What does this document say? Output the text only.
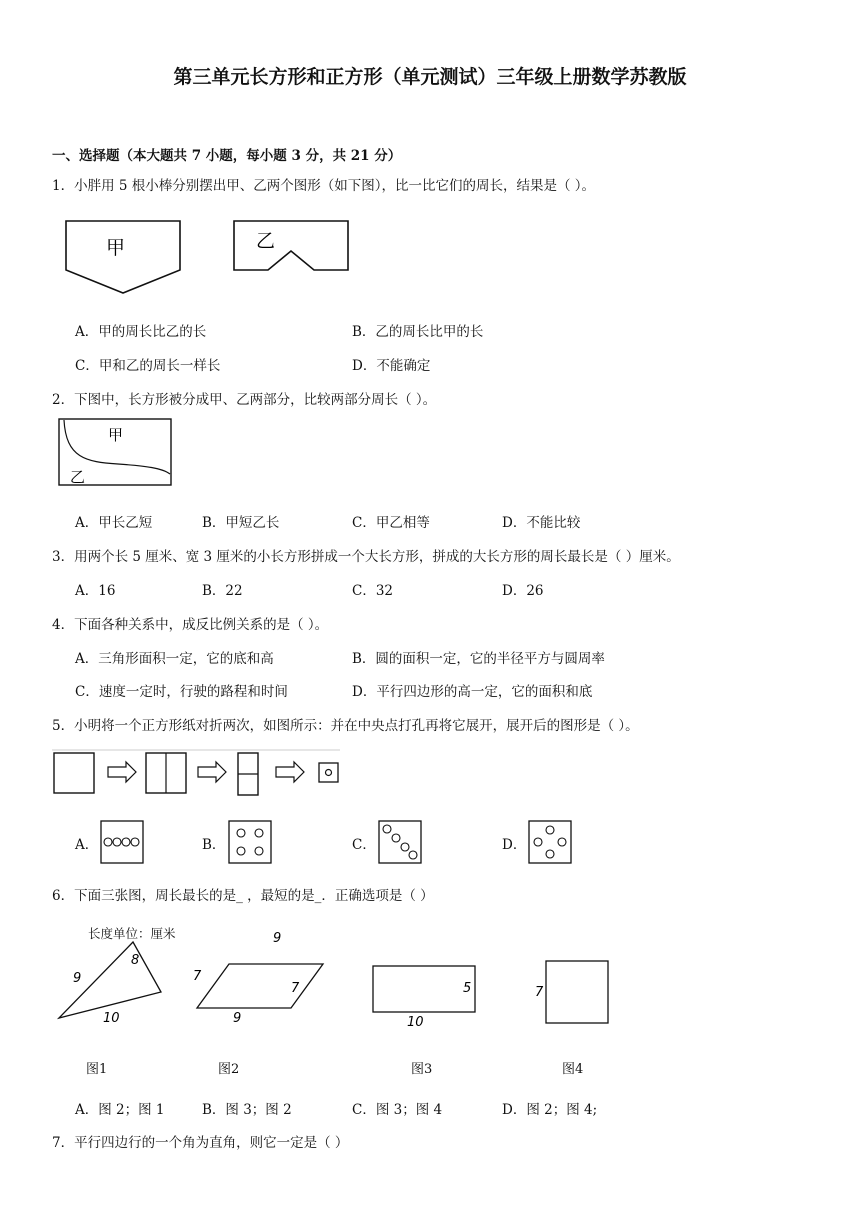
第三单元长方形和正方形（单元测试）三年级上册数学苏教版
一、选择题（本大题共 7 小题，每小题 3 分，共 21 分）
1．小胖用 5 根小棒分别摆出甲、乙两个图形（如下图），比一比它们的周长，结果是（ ）。
甲	乙
A．甲的周长比乙的长	B．乙的周长比甲的长
C．甲和乙的周长一样长	D．不能确定
2．下图中，长方形被分成甲、乙两部分，比较两部分周长（ ）。
甲
乙
A．甲长乙短	B．甲短乙长	C．甲乙相等	D．不能比较
3．用两个长 5 厘米、宽 3 厘米的小长方形拼成一个大长方形，拼成的大长方形的周长最长是（ ）厘米。
A．16	B．22	C．32	D．26
4．下面各种关系中，成反比例关系的是（ ）。
A．三角形面积一定，它的底和高	B．圆的面积一定，它的半径平方与圆周率
C．速度一定时，行驶的路程和时间	D．平行四边形的高一定，它的面积和底
5．小明将一个正方形纸对折两次，如图所示：并在中央点打孔再将它展开，展开后的图形是（ ）。
A．	B．	C．	D．
6．下面三张图，周长最长的是_ ，最短的是_．正确选项是（ ）
长度单位：厘米
9
8
10
9
7
7
9
5
10
7
图1	图2	图3	图4
A．图 2；图 1	B．图 3；图 2	C．图 3；图 4	D．图 2；图 4;
7．平行四边行的一个角为直角，则它一定是（ ）
